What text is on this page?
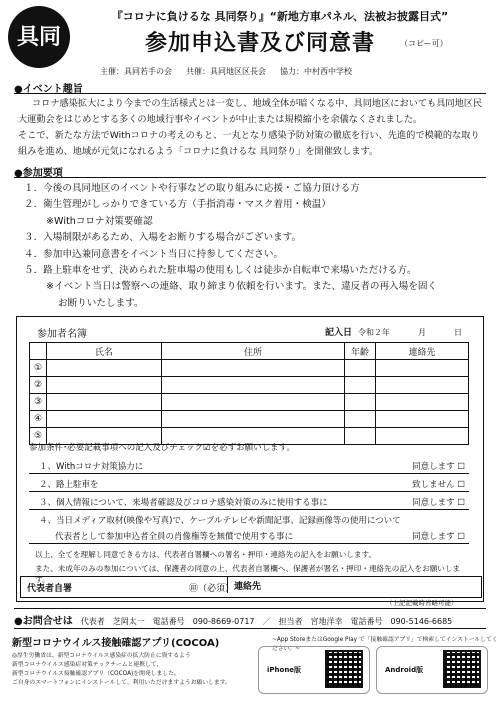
具同
『コロナに負けるな 具同祭り』“新地方車パネル、法被お披露目式”
参加申込書及び同意書	（コピー可）
主催：具同若手の会 共催：具同地区区長会 協力：中村西中学校
●イベント趣旨
コロナ感染拡大により今までの生活様式とは一変し、地域全体が暗くなる中、具同地区においても具同地区民大運動会をはじめとする多くの地域行事やイベントが中止または規模縮小を余儀なくされました。
そこで、新たな方法でWithコロナの考えのもと、一丸となり感染予防対策の徹底を行い、先進的で模範的な取り組みを進め、地域が元気になれるよう「コロナに負けるな 具同祭り」を開催致します。
●参加要項
１．今後の具同地区のイベントや行事などの取り組みに応援・ご協力頂ける方
２．衛生管理がしっかりできている方（手指消毒・マスク着用・検温）
※Withコロナ対策要確認
３．入場制限があるため、入場をお断りする場合がございます。
４．参加申込兼同意書をイベント当日に持参してください。
５．路上駐車をせず、決められた駐車場の使用もしくは徒歩か自転車で来場いただける方。
※イベント当日は警察への連絡、取り締まり依頼を行います。また、違反者の再入場を固く
お断りいたします。
参加者名簿	記入日 令和２年	月	日
	氏名	住所	年齢	連絡先
①				
②				
③				
④				
⑤				
参加条件･必要記載事項への記入及びチェック☑を必ずお願いします。
１、Withコロナ対策協力に	同意します ☐
２、路上駐車を	致しません ☐
３、個人情報について、来場者確認及びコロナ感染対策のみに使用する事に	同意します ☐
４、当日メディア取材(映像や写真)で、ケーブルテレビや新聞記事、記録画像等の使用について
代表者として参加申込者全員の肖像権等を無償で使用する事に	同意します ☐
以上、全てを理解し同意できる方は、代表者自署欄への署名・押印・連絡先の記入をお願いします。
また、未成年のみの参加については、保護者の同意の上、代表者自署欄へ、保護者が署名・押印・連絡先の記入をお願いします。
代表者自署	㊞（必須） 連絡先
（上記記載時省略可能）
●お問合せは 代表者 芝岡太一 電話番号 090-8669-0717 ／ 担当者 宮地洋幸 電話番号 090-5146-6685
新型コロナウイルス接触確認アプリ(COCOA)	~App StoreまたはGoogle Play で「接触確認アプリ」で検索してインストールしてください。~
◎厚生労働省は、新型コロナウイルス感染症の拡大防止に資するよう
新型コロナウイルス感染症対策テックチームと連携して、
新型コロナウイルス接触確認アプリ（COCOA)を開発しました。
ご自身のスマートフォンにインストールして、利用いただけますようお願いします。
iPhone版	Android版
